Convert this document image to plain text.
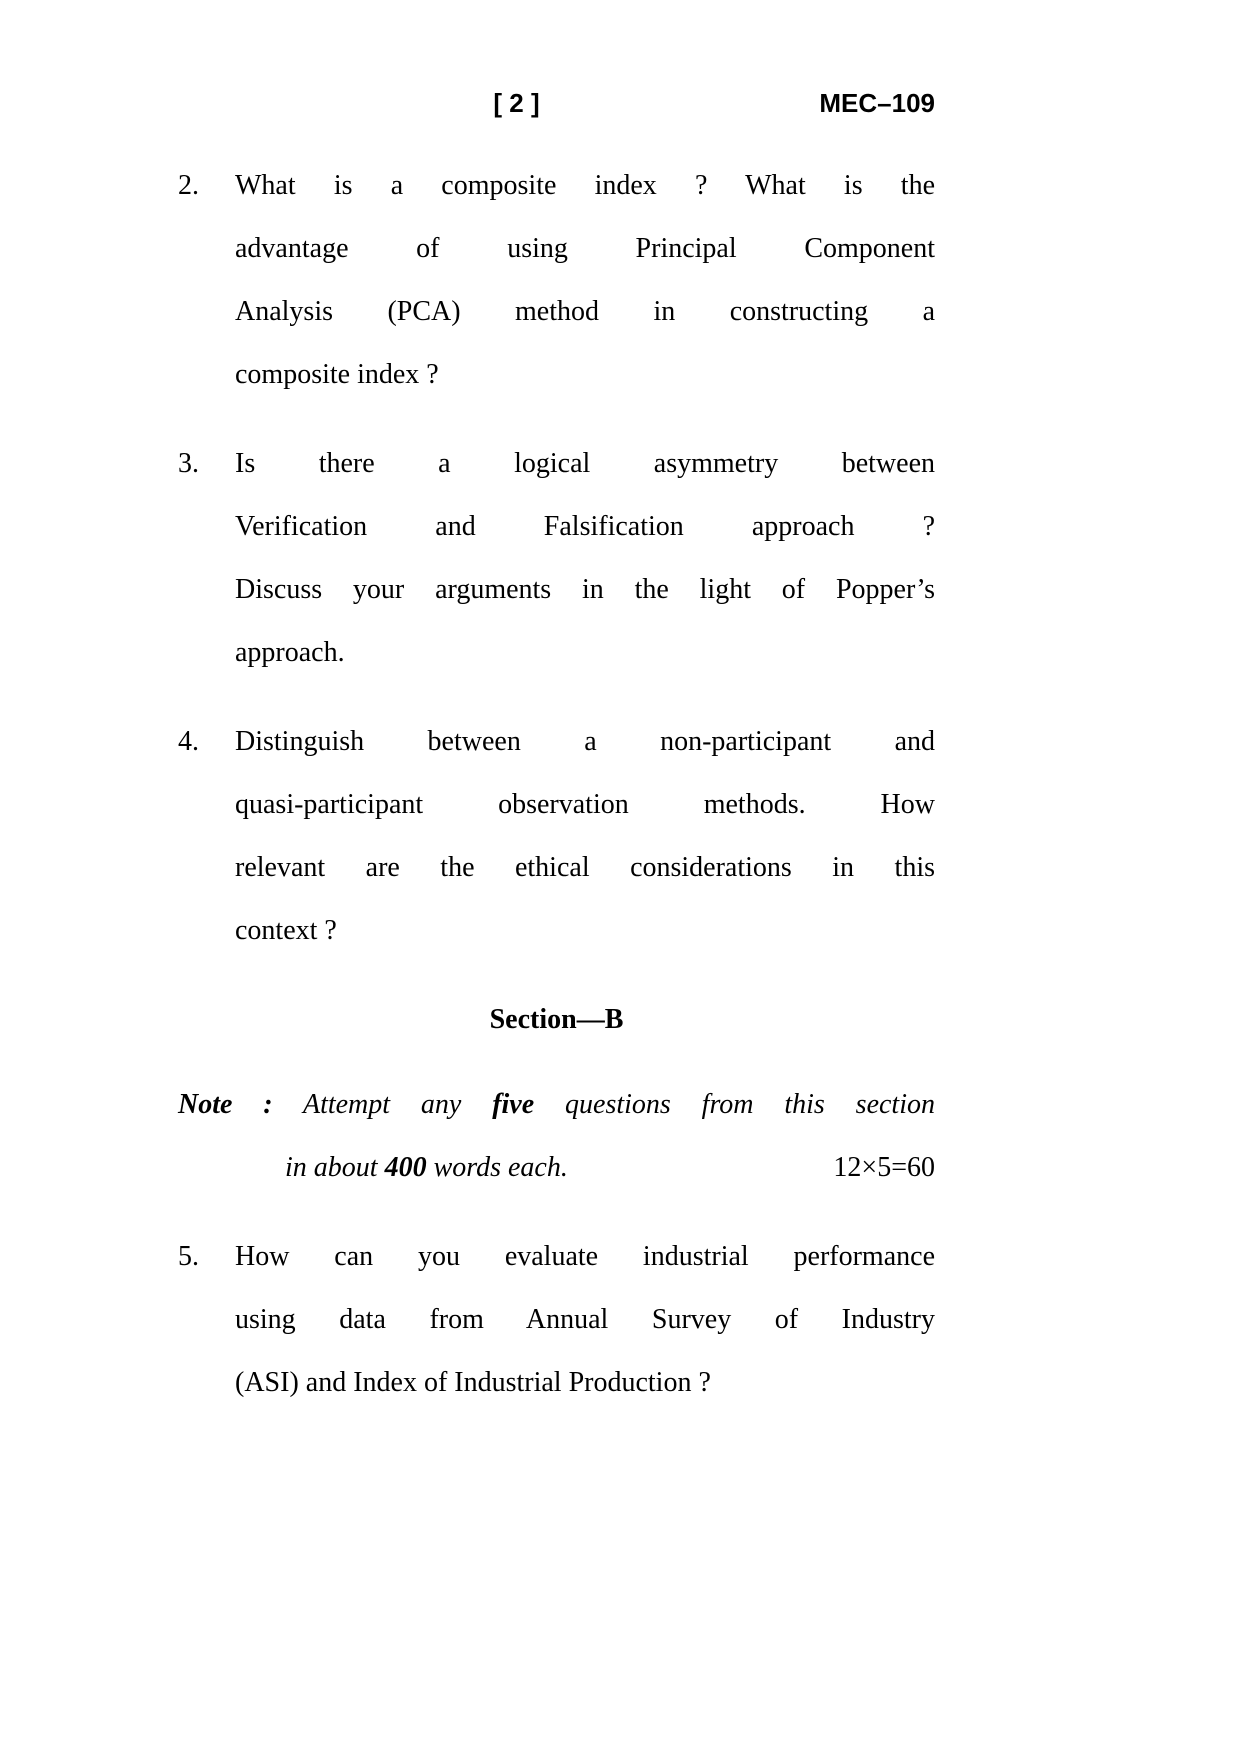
[ 2 ]	MEC–109
2.	What is a composite index ? What is the
advantage of using Principal Component
Analysis (PCA) method in constructing a
composite index ?
3.	Is there a logical asymmetry between
Verification and Falsification approach ?
Discuss your arguments in the light of Popper’s
approach.
4.	Distinguish between a non-participant and
quasi-participant observation methods. How
relevant are the ethical considerations in this
context ?
Section—B
Note : Attempt any five questions from this section
in about 400 words each.	12×5=60
5.	How can you evaluate industrial performance
using data from Annual Survey of Industry
(ASI) and Index of Industrial Production ?
